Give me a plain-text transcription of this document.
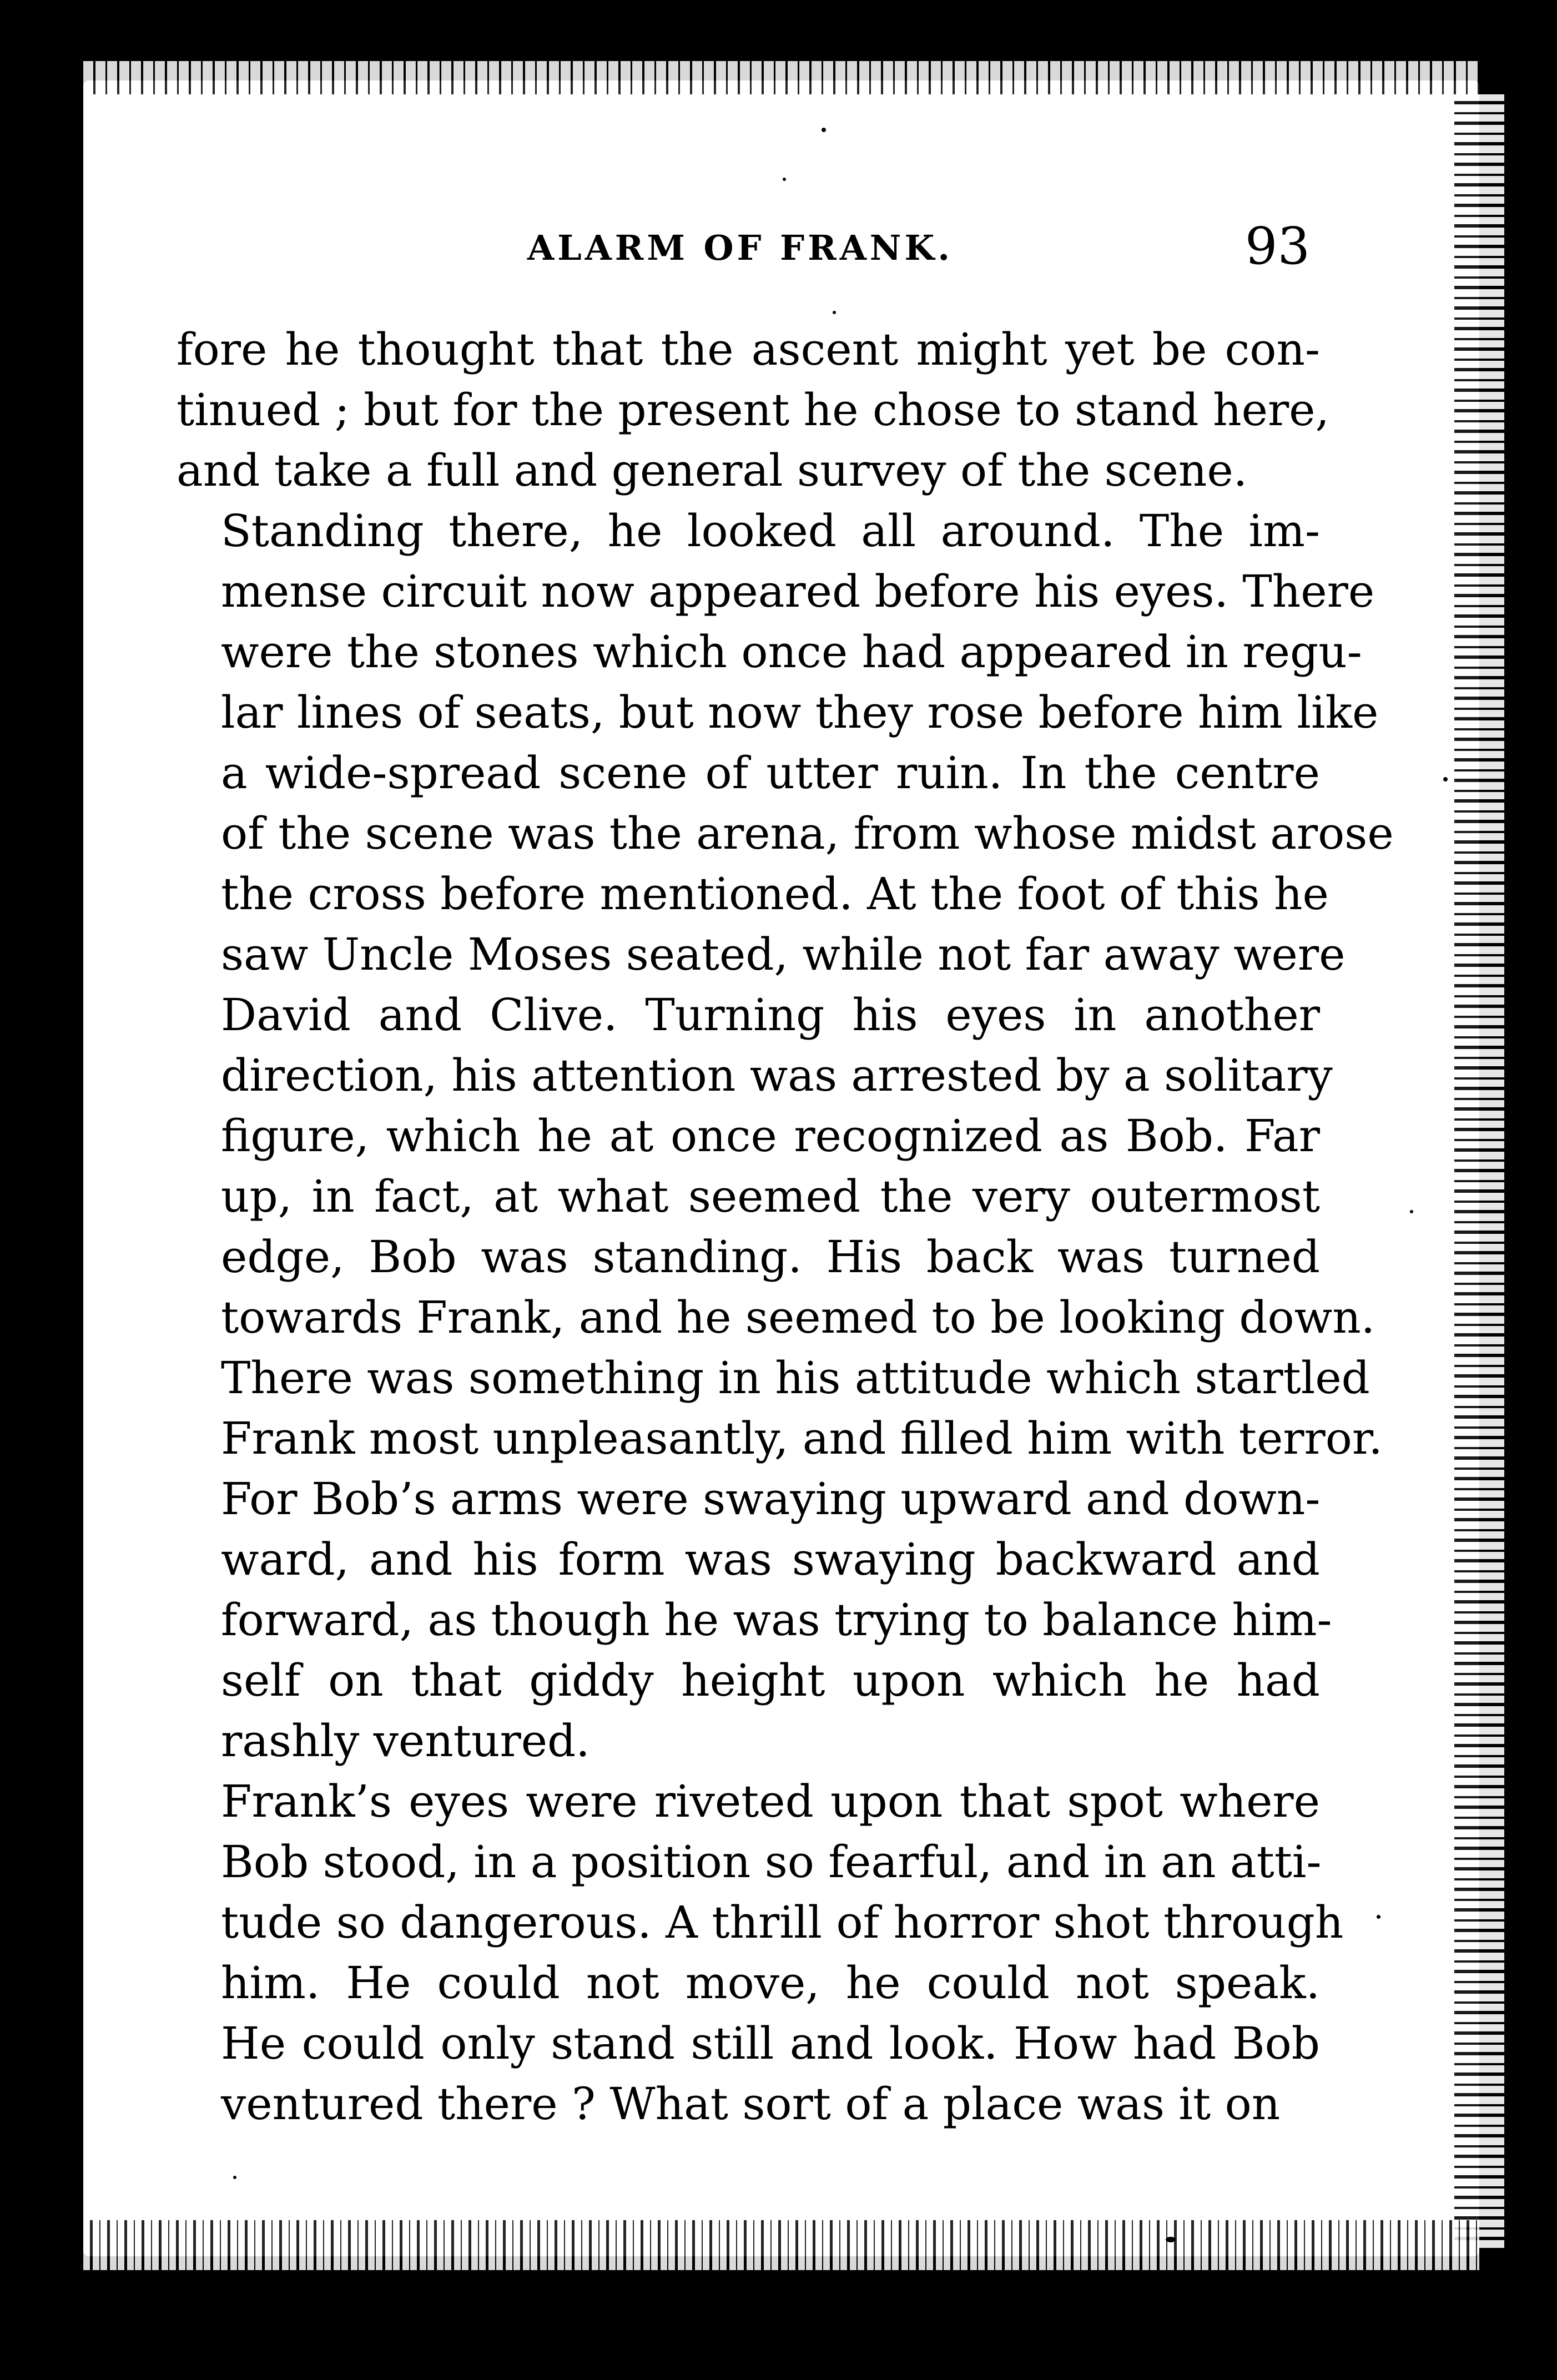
ALARM OF FRANK.	93
fore he thought that the ascent might yet be con-
tinued ; but for the present he chose to stand here,
and take a full and general survey of the scene.
Standing there, he looked all around. The im-
mense circuit now appeared before his eyes. There
were the stones which once had appeared in regu-
lar lines of seats, but now they rose before him like
a wide-spread scene of utter ruin. In the centre
of the scene was the arena, from whose midst arose
the cross before mentioned. At the foot of this he
saw Uncle Moses seated, while not far away were
David and Clive. Turning his eyes in another
direction, his attention was arrested by a solitary
figure, which he at once recognized as Bob. Far
up, in fact, at what seemed the very outermost
edge, Bob was standing. His back was turned
towards Frank, and he seemed to be looking down.
There was something in his attitude which startled
Frank most unpleasantly, and filled him with terror.
For Bob’s arms were swaying upward and down-
ward, and his form was swaying backward and
forward, as though he was trying to balance him-
self on that giddy height upon which he had
rashly ventured.
Frank’s eyes were riveted upon that spot where
Bob stood, in a position so fearful, and in an atti-
tude so dangerous. A thrill of horror shot through
him. He could not move, he could not speak.
He could only stand still and look. How had Bob
ventured there ? What sort of a place was it on
